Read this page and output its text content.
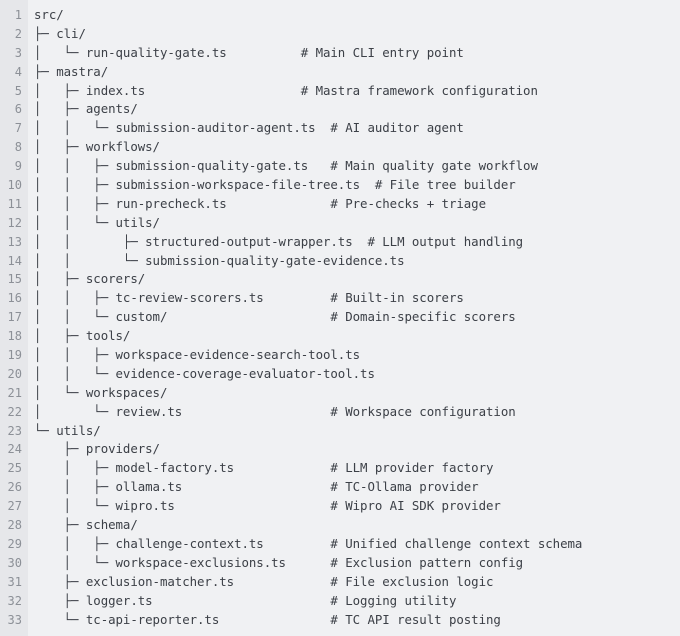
1
2
3
4
5
6
7
8
9
10
11
12
13
14
15
16
17
18
19
20
21
22
23
24
25
26
27
28
29
30
31
32
33
src/
├─ cli/
│   └─ run-quality-gate.ts          # Main CLI entry point
├─ mastra/
│   ├─ index.ts                     # Mastra framework configuration
│   ├─ agents/
│   │   └─ submission-auditor-agent.ts  # AI auditor agent
│   ├─ workflows/
│   │   ├─ submission-quality-gate.ts   # Main quality gate workflow
│   │   ├─ submission-workspace-file-tree.ts  # File tree builder
│   │   ├─ run-precheck.ts              # Pre-checks + triage
│   │   └─ utils/
│   │       ├─ structured-output-wrapper.ts  # LLM output handling
│   │       └─ submission-quality-gate-evidence.ts
│   ├─ scorers/
│   │   ├─ tc-review-scorers.ts         # Built-in scorers
│   │   └─ custom/                      # Domain-specific scorers
│   ├─ tools/
│   │   ├─ workspace-evidence-search-tool.ts
│   │   └─ evidence-coverage-evaluator-tool.ts
│   └─ workspaces/
│       └─ review.ts                    # Workspace configuration
└─ utils/
├─ providers/
│   ├─ model-factory.ts             # LLM provider factory
│   ├─ ollama.ts                    # TC-Ollama provider
│   └─ wipro.ts                     # Wipro AI SDK provider
├─ schema/
│   ├─ challenge-context.ts         # Unified challenge context schema
│   └─ workspace-exclusions.ts      # Exclusion pattern config
├─ exclusion-matcher.ts             # File exclusion logic
├─ logger.ts                        # Logging utility
└─ tc-api-reporter.ts               # TC API result posting
